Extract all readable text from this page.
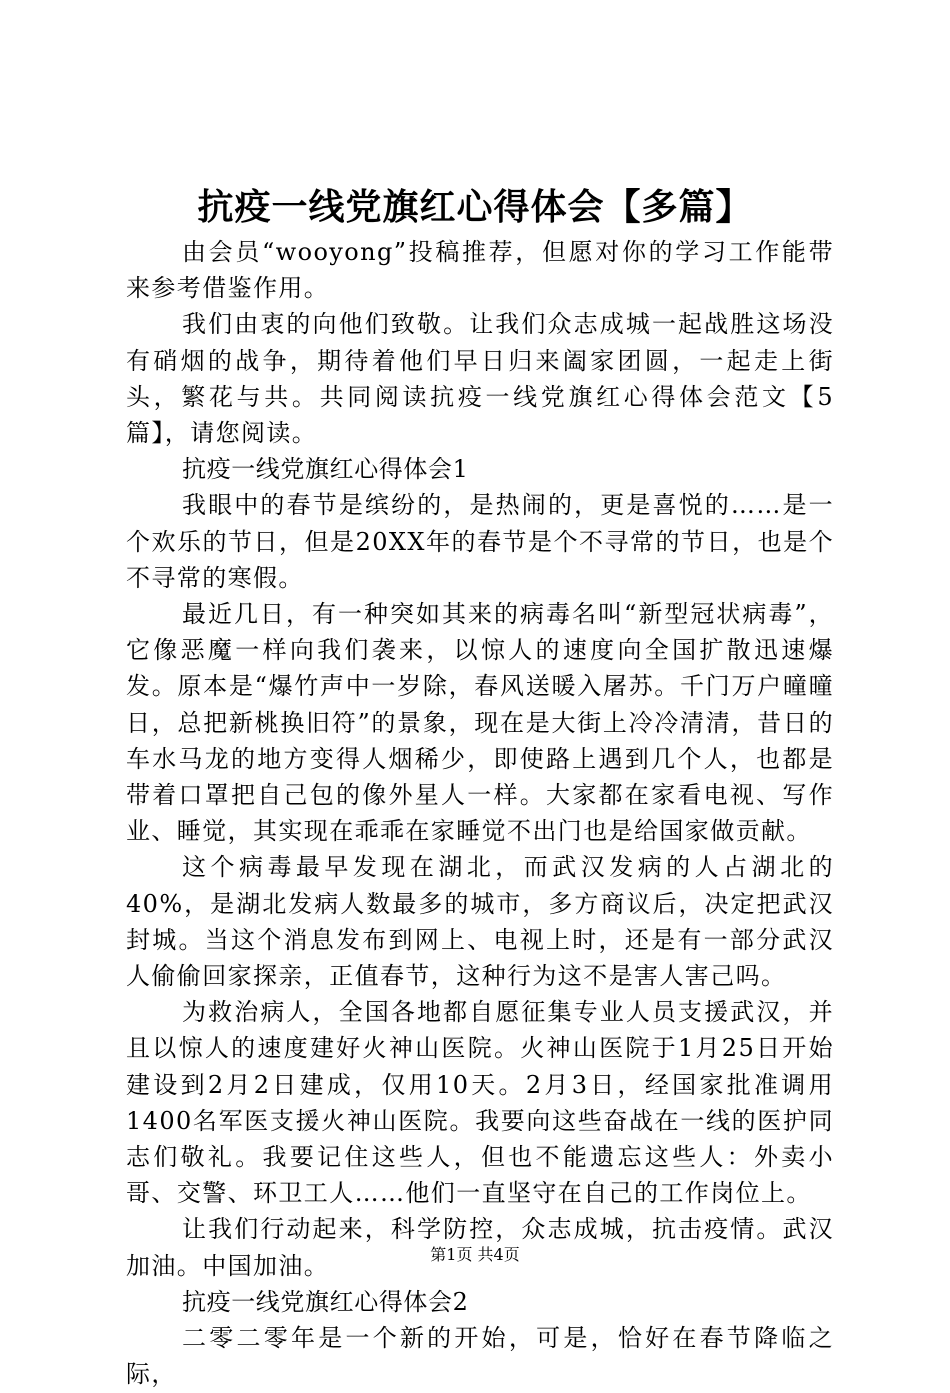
抗疫一线党旗红心得体会【多篇】

由会员“wooyong”投稿推荐，但愿对你的学习工作能带来参考借鉴作用。

我们由衷的向他们致敬。让我们众志成城一起战胜这场没有硝烟的战争，期待着他们早日归来阖家团圆，一起走上街头，繁花与共。共同阅读抗疫一线党旗红心得体会范文【5篇】，请您阅读。

抗疫一线党旗红心得体会1

我眼中的春节是缤纷的，是热闹的，更是喜悦的……是一个欢乐的节日，但是20XX年的春节是个不寻常的节日，也是个不寻常的寒假。

最近几日，有一种突如其来的病毒名叫“新型冠状病毒”，它像恶魔一样向我们袭来，以惊人的速度向全国扩散迅速爆发。原本是“爆竹声中一岁除，春风送暖入屠苏。千门万户曈曈日，总把新桃换旧符”的景象，现在是大街上冷冷清清，昔日的车水马龙的地方变得人烟稀少，即使路上遇到几个人，也都是带着口罩把自己包的像外星人一样。大家都在家看电视、写作业、睡觉，其实现在乖乖在家睡觉不出门也是给国家做贡献。

这个病毒最早发现在湖北，而武汉发病的人占湖北的40%，是湖北发病人数最多的城市，多方商议后，决定把武汉封城。当这个消息发布到网上、电视上时，还是有一部分武汉人偷偷回家探亲，正值春节，这种行为这不是害人害己吗。

为救治病人，全国各地都自愿征集专业人员支援武汉，并且以惊人的速度建好火神山医院。火神山医院于1月25日开始建设到2月2日建成，仅用10天。2月3日，经国家批准调用1400名军医支援火神山医院。我要向这些奋战在一线的医护同志们敬礼。我要记住这些人，但也不能遗忘这些人：外卖小哥、交警、环卫工人……他们一直坚守在自己的工作岗位上。

让我们行动起来，科学防控，众志成城，抗击疫情。武汉加油。中国加油。

抗疫一线党旗红心得体会2

二零二零年是一个新的开始，可是，恰好在春节降临之际，

第1页 共4页
